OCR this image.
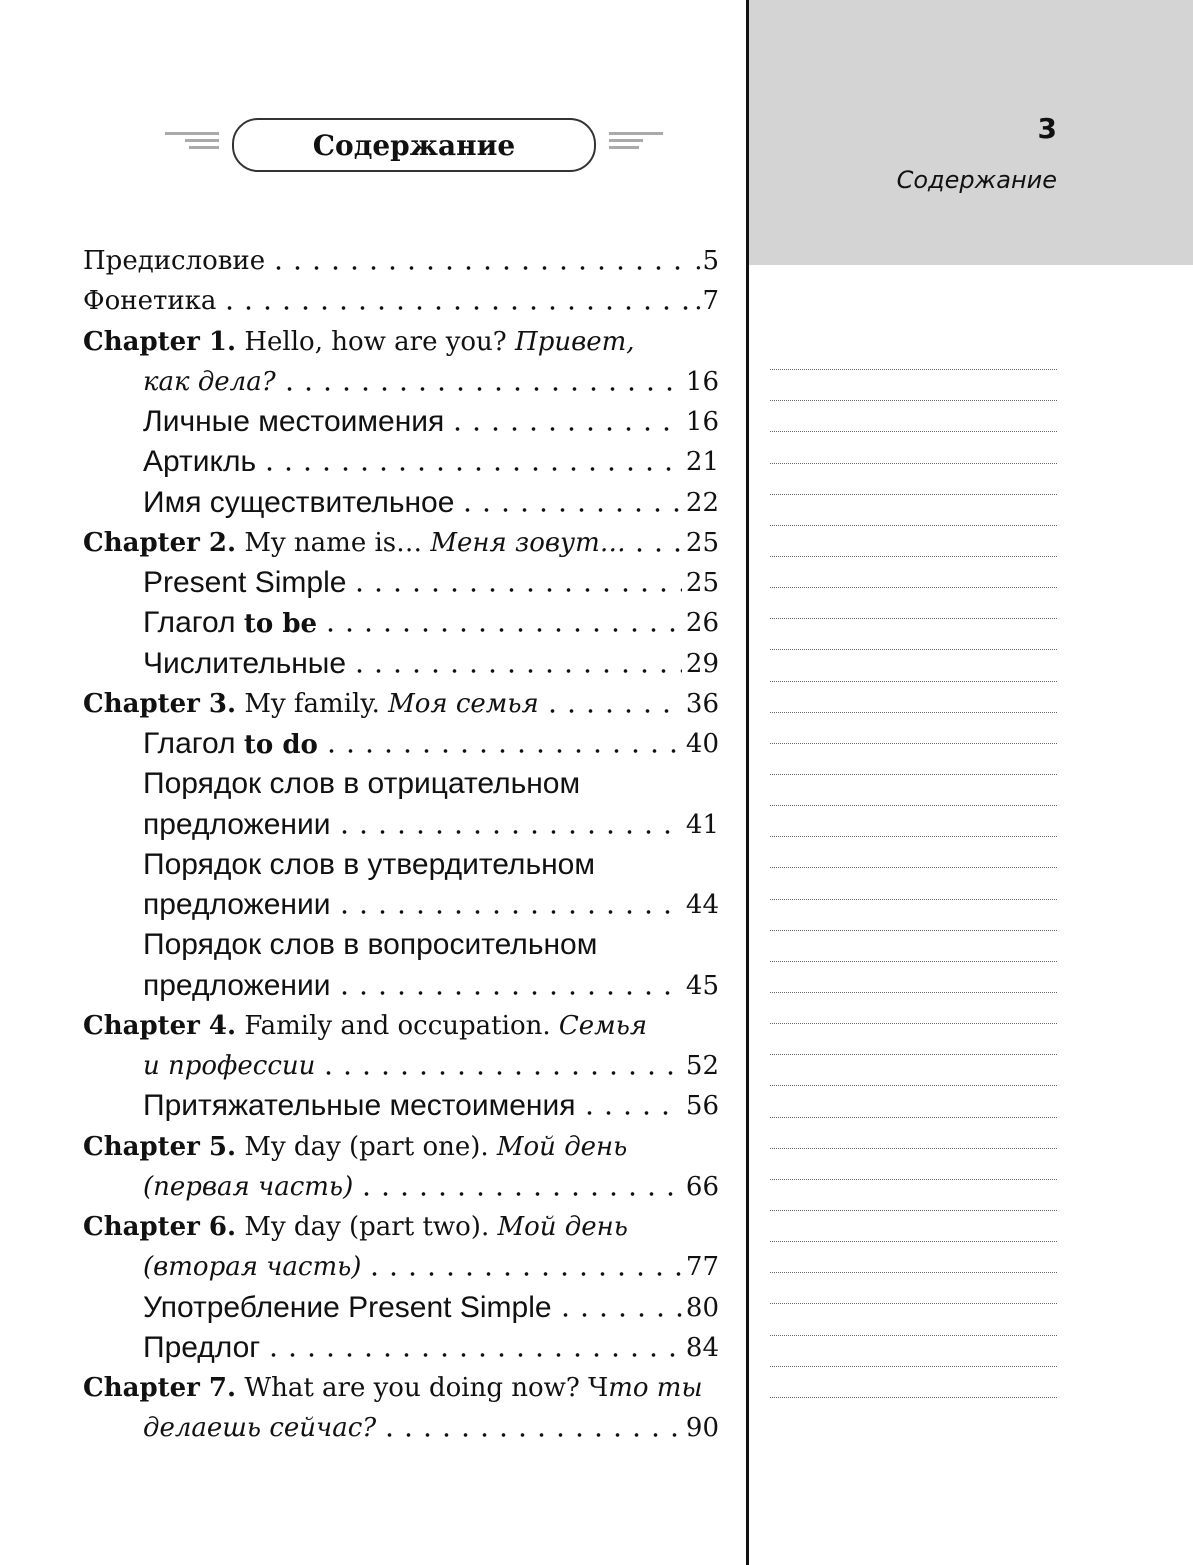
3
Содержание
Содержание
Предисловие	.5
Фонетика	.7
Chapter 1. Hello, how are you? Привет,
как дела?	16
Личные местоимения	16
Артикль	21
Имя существительное	22
Chapter 2. My name is… Меня зовут… 25
Present Simple	25
Глагол to be	26
Числительные	29
Chapter 3. My family. Моя семья	36
Глагол to do	40
Порядок слов в отрицательном
предложении	41
Порядок слов в утвердительном
предложении	44
Порядок слов в вопросительном
предложении	45
Chapter 4. Family and occupation. Семья
и профессии	52
Притяжательные местоимения	56
Chapter 5. My day (part one). Мой день
(первая часть)	66
Chapter 6. My day (part two). Мой день
(вторая часть)	77
Употребление Present Simple	80
Предлог	84
Chapter 7. What are you doing now? Что ты
делаешь сейчас?	90
